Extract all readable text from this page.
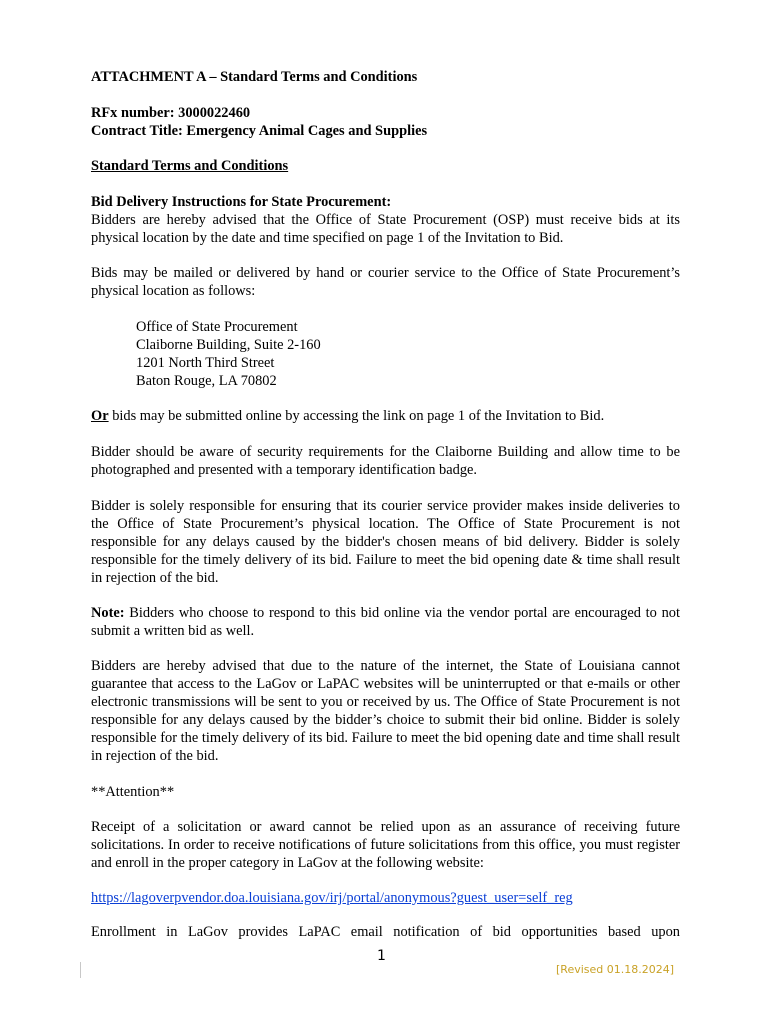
ATTACHMENT A – Standard Terms and Conditions
RFx number: 3000022460
Contract Title: Emergency Animal Cages and Supplies
Standard Terms and Conditions
Bid Delivery Instructions for State Procurement:
Bidders are hereby advised that the Office of State Procurement (OSP) must receive bids at its physical location by the date and time specified on page 1 of the Invitation to Bid.
Bids may be mailed or delivered by hand or courier service to the Office of State Procurement’s physical location as follows:
Office of State Procurement
Claiborne Building, Suite 2-160
1201 North Third Street
Baton Rouge, LA 70802
Or bids may be submitted online by accessing the link on page 1 of the Invitation to Bid.
Bidder should be aware of security requirements for the Claiborne Building and allow time to be photographed and presented with a temporary identification badge.
Bidder is solely responsible for ensuring that its courier service provider makes inside deliveries to the Office of State Procurement’s physical location. The Office of State Procurement is not responsible for any delays caused by the bidder's chosen means of bid delivery. Bidder is solely responsible for the timely delivery of its bid. Failure to meet the bid opening date & time shall result in rejection of the bid.
Note: Bidders who choose to respond to this bid online via the vendor portal are encouraged to not submit a written bid as well.
Bidders are hereby advised that due to the nature of the internet, the State of Louisiana cannot guarantee that access to the LaGov or LaPAC websites will be uninterrupted or that e-mails or other electronic transmissions will be sent to you or received by us. The Office of State Procurement is not responsible for any delays caused by the bidder’s choice to submit their bid online. Bidder is solely responsible for the timely delivery of its bid. Failure to meet the bid opening date and time shall result in rejection of the bid.
**Attention**
Receipt of a solicitation or award cannot be relied upon as an assurance of receiving future solicitations. In order to receive notifications of future solicitations from this office, you must register and enroll in the proper category in LaGov at the following website:
https://lagoverpvendor.doa.louisiana.gov/irj/portal/anonymous?guest_user=self_reg
Enrollment in LaGov provides LaPAC email notification of bid opportunities based upon
1
[Revised 01.18.2024]
